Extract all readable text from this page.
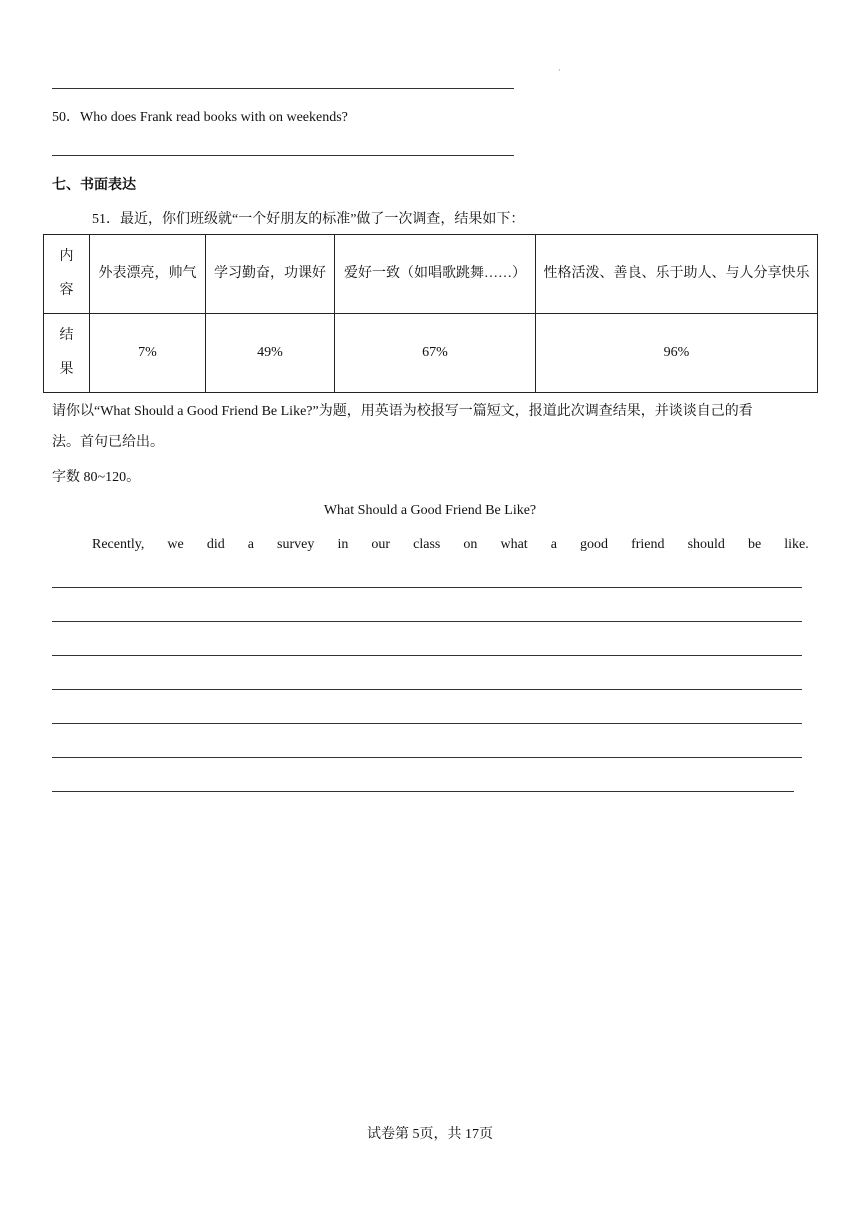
·
50．Who does Frank read books with on weekends?
七、书面表达
51．最近，你们班级就“一个好朋友的标准”做了一次调查，结果如下：
内容	外表漂亮，帅气	学习勤奋，功课好	爱好一致（如唱歌跳舞……）	性格活泼、善良、乐于助人、与人分享快乐
结果	7%	49%	67%	96%
请你以“What Should a Good Friend Be Like?”为题，用英语为校报写一篇短文，报道此次调查结果，并谈谈自己的看
法。首句已给出。
字数 80~120。
What Should a Good Friend Be Like?
Recently, we did a survey in our class on what a good friend should be like.
试卷第 5页，共 17页
